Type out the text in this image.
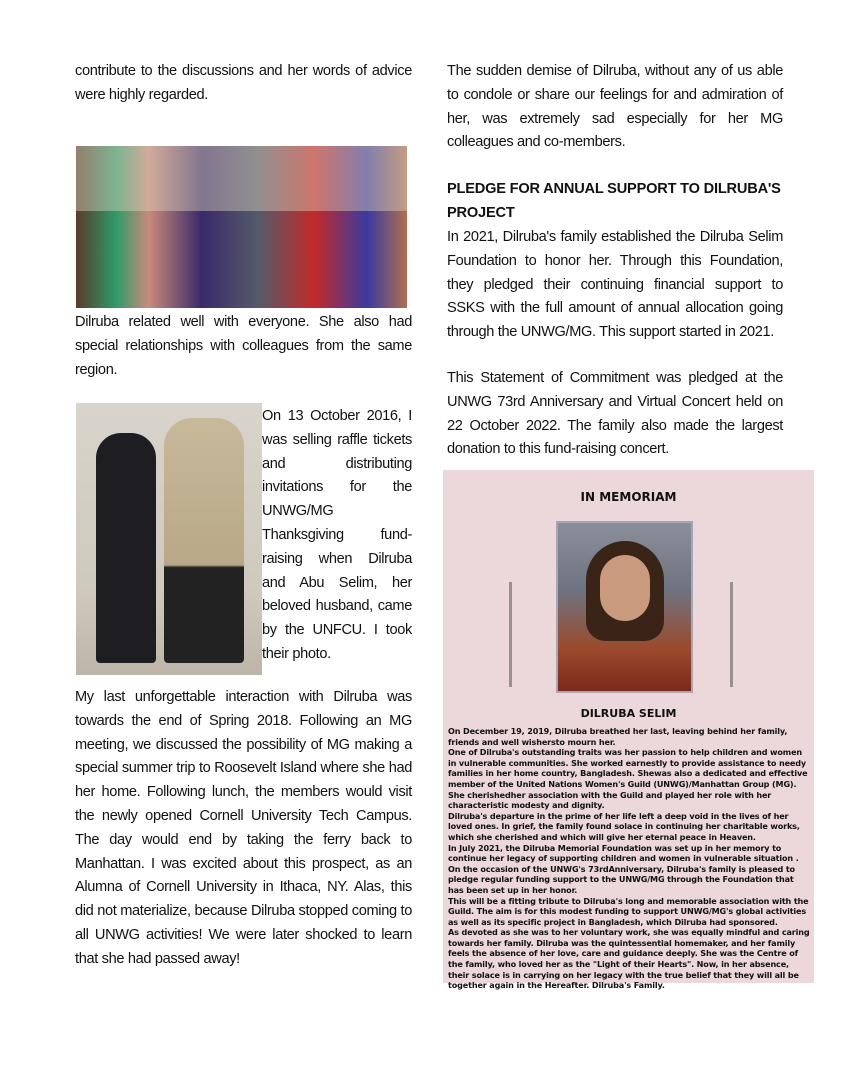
contribute to the discussions and her words of advice were highly regarded.

Dilruba related well with everyone. She also had special relationships with colleagues from the same region.

On 13 October 2016, I was selling raffle tickets and distributing invitations for the UNWG/MG Thanksgiving fund-raising when Dilruba and Abu Selim, her beloved husband, came by the UNFCU. I took their photo.

My last unforgettable interaction with Dilruba was towards the end of Spring 2018. Following an MG meeting, we discussed the possibility of MG making a special summer trip to Roosevelt Island where she had her home. Following lunch, the members would visit the newly opened Cornell University Tech Campus. The day would end by taking the ferry back to Manhattan. I was excited about this prospect, as an Alumna of Cornell University in Ithaca, NY. Alas, this did not materialize, because Dilruba stopped coming to all UNWG activities! We were later shocked to learn that she had passed away!

The sudden demise of Dilruba, without any of us able to condole or share our feelings for and admiration of her, was extremely sad especially for her MG colleagues and co-members.

PLEDGE FOR ANNUAL SUPPORT TO DILRUBA'S PROJECT

In 2021, Dilruba's family established the Dilruba Selim Foundation to honor her. Through this Foundation, they pledged their continuing financial support to SSKS with the full amount of annual allocation going through the UNWG/MG. This support started in 2021.

This Statement of Commitment was pledged at the UNWG 73rd Anniversary and Virtual Concert held on 22 October 2022. The family also made the largest donation to this fund-raising concert.

IN MEMORIAM
DILRUBA SELIM

On December 19, 2019, Dilruba breathed her last, leaving behind her family, friends and well wishersto mourn her.

One of Dilruba's outstanding traits was her passion to help children and women in vulnerable communities. She worked earnestly to provide assistance to needy families in her home country, Bangladesh. Shewas also a dedicated and effective member of the United Nations Women's Guild (UNWG)/Manhattan Group (MG). She cherishedher association with the Guild and played her role with her characteristic modesty and dignity.

Dilruba's departure in the prime of her life left a deep void in the lives of her loved ones. In grief, the family found solace in continuing her charitable works, which she cherished and which will give her eternal peace in Heaven.

In July 2021, the Dilruba Memorial Foundation was set up in her memory to continue her legacy of supporting children and women in vulnerable situation .

On the occasion of the UNWG's 73rdAnniversary, Dilruba's family is pleased to pledge regular funding support to the UNWG/MG through the Foundation that has been set up in her honor.

This will be a fitting tribute to Dilruba's long and memorable association with the Guild. The aim is for this modest funding to support UNWG/MG's global activities as well as its specific project in Bangladesh, which Dilruba had sponsored.

As devoted as she was to her voluntary work, she was equally mindful and caring towards her family. Dilruba was the quintessential homemaker, and her family feels the absence of her love, care and guidance deeply. She was the Centre of the family, who loved her as the "Light of their Hearts". Now, in her absence, their solace is in carrying on her legacy with the true belief that they will all be together again in the Hereafter. Dilruba's Family.
